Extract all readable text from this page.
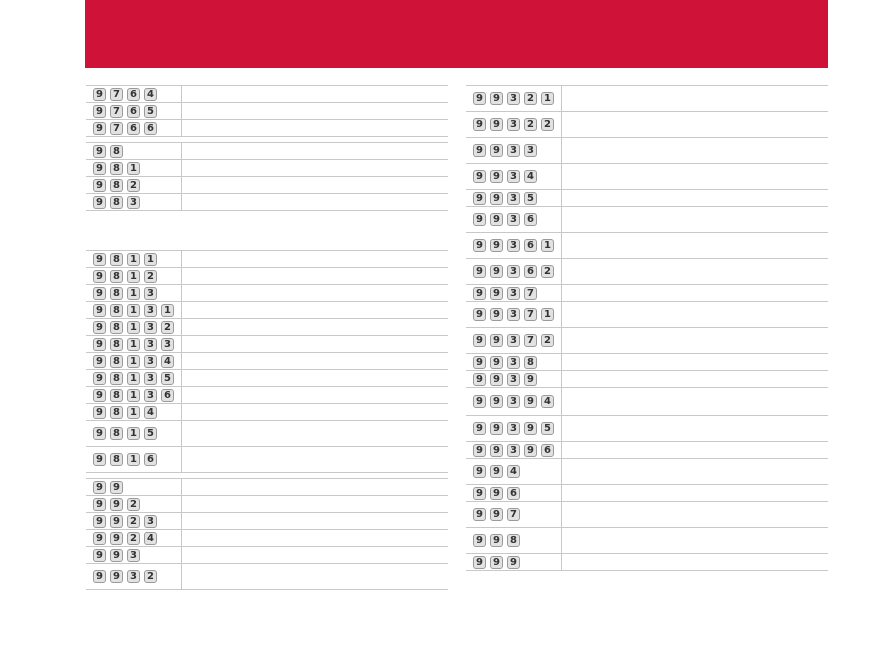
9	7	6	4
9	7	6	5
9	7	6	6
9	8
9	8	1
9	8	2
9	8	3
9	8	1	1
9	8	1	2
9	8	1	3
9	8	1	3	1
9	8	1	3	2
9	8	1	3	3
9	8	1	3	4
9	8	1	3	5
9	8	1	3	6
9	8	1	4
9	8	1	5
9	8	1	6
9	9
9	9	2
9	9	2	3
9	9	2	4
9	9	3
9	9	3	2
9	9	3	2	1
9	9	3	2	2
9	9	3	3
9	9	3	4
9	9	3	5
9	9	3	6
9	9	3	6	1
9	9	3	6	2
9	9	3	7
9	9	3	7	1
9	9	3	7	2
9	9	3	8
9	9	3	9
9	9	3	9	4
9	9	3	9	5
9	9	3	9	6
9	9	4
9	9	6
9	9	7
9	9	8
9	9	9
